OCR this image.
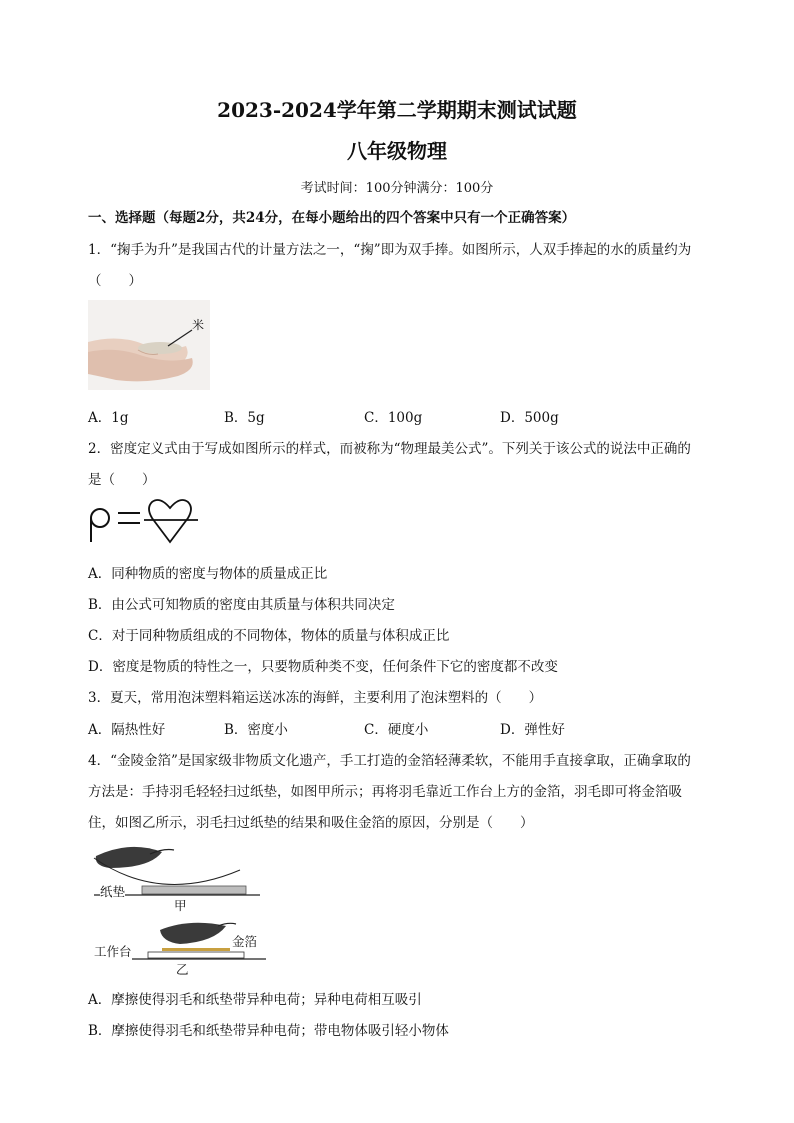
2023-2024学年第二学期期末测试试题
八年级物理
考试时间：100分钟满分：100分
一、选择题（每题2分，共24分，在每小题给出的四个答案中只有一个正确答案）
1．“掬手为升”是我国古代的计量方法之一，“掬”即为双手捧。如图所示，人双手捧起的水的质量约为
（　　）
米
A．1g	B．5g	C．100g	D．500g
2．密度定义式由于写成如图所示的样式，而被称为“物理最美公式”。下列关于该公式的说法中正确的
是（　　）
A．同种物质的密度与物体的质量成正比
B．由公式可知物质的密度由其质量与体积共同决定
C．对于同种物质组成的不同物体，物体的质量与体积成正比
D．密度是物质的特性之一，只要物质种类不变，任何条件下它的密度都不改变
3．夏天，常用泡沫塑料箱运送冰冻的海鲜，主要利用了泡沫塑料的（　　）
A．隔热性好	B．密度小	C．硬度小	D．弹性好
4．“金陵金箔”是国家级非物质文化遗产，手工打造的金箔轻薄柔软，不能用手直接拿取，正确拿取的
方法是：手持羽毛轻轻扫过纸垫，如图甲所示；再将羽毛靠近工作台上方的金箔，羽毛即可将金箔吸
住，如图乙所示，羽毛扫过纸垫的结果和吸住金箔的原因，分别是（　　）
纸垫
甲
工作台
金箔
乙
A．摩擦使得羽毛和纸垫带异种电荷；异种电荷相互吸引
B．摩擦使得羽毛和纸垫带异种电荷；带电物体吸引轻小物体
